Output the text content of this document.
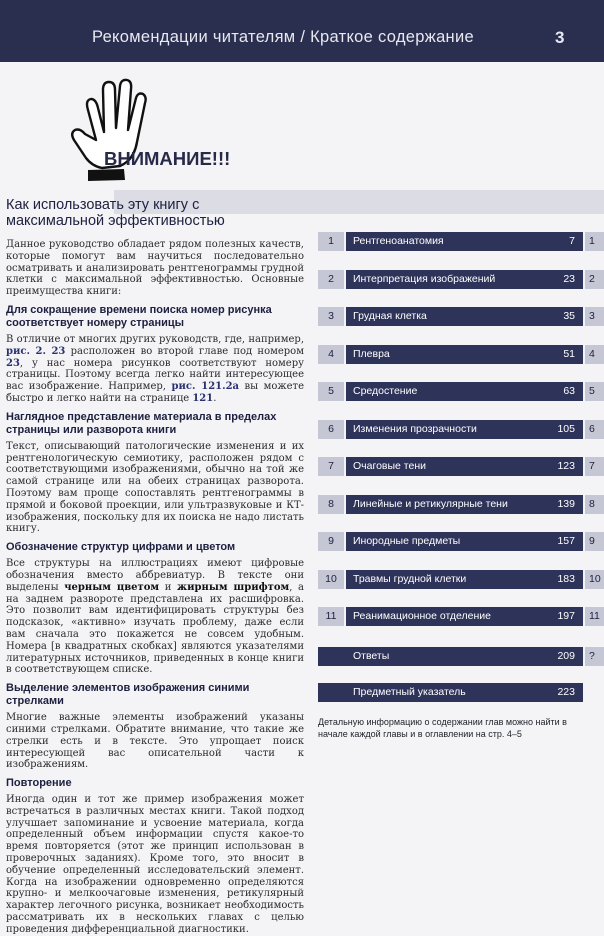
Рекомендации читателям / Краткое содержание	3
ВНИМАНИЕ!!!
Как использовать эту книгу с максимальной эффективностью

Данное руководство обладает рядом полезных качеств, которые помогут вам научиться последовательно осматривать и анализировать рентгенограммы грудной клетки с максимальной эффективностью. Основные преимущества книги:

Для сокращение времени поиска номер рисунка соответствует номеру страницы

В отличие от многих других руководств, где, например, рис. 2. 23 расположен во второй главе под номером 23, у нас номера рисунков соответствуют номеру страницы. Поэтому всегда легко найти интересующее вас изображение. Например, рис. 121.2а вы можете быстро и легко найти на странице 121.

Наглядное представление материала в пределах страницы или разворота книги

Текст, описывающий патологические изменения и их рентгенологическую семиотику, расположен рядом с соответствующими изображениями, обычно на той же самой странице или на обеих страницах разворота. Поэтому вам проще сопоставлять рентгенограммы в прямой и боковой проекции, или ультразвуковые и КТ-изображения, поскольку для их поиска не надо листать книгу.

Обозначение структур цифрами и цветом

Все структуры на иллюстрациях имеют цифровые обозначения вместо аббревиатур. В тексте они выделены черным цветом и жирным шрифтом, а на заднем развороте представлена их расшифровка. Это позволит вам идентифицировать структуры без подсказок, «активно» изучать проблему, даже если вам сначала это покажется не совсем удобным. Номера [в квадратных скобках] являются указателями литературных источников, приведенных в конце книги в соответствующем списке.

Выделение элементов изображения синими стрелками

Многие важные элементы изображений указаны синими стрелками. Обратите внимание, что такие же стрелки есть и в тексте. Это упрощает поиск интересующей вас описательной части к изображениям.

Повторение

Иногда один и тот же пример изображения может встречаться в различных местах книги. Такой подход улучшает запоминание и усвоение материала, когда определенный объем информации спустя какое-то время повторяется (этот же принцип использован в проверочных заданиях). Кроме того, это вносит в обучение определенный исследовательский элемент. Когда на изображении одновременно определяются крупно- и мелкоочаговые изменения, ретикулярный характер легочного рисунка, возникает необходимость рассматривать их в нескольких главах с целью проведения дифференциальной диагностики.

1	Рентгеноанатомия	7	1
2	Интерпретация изображений	23	2
3	Грудная клетка	35	3
4	Плевра	51	4
5	Средостение	63	5
6	Изменения прозрачности	105	6
7	Очаговые тени	123	7
8	Линейные и ретикулярные тени	139	8
9	Инородные предметы	157	9
10	Травмы грудной клетки	183	10
11	Реанимационное отделение	197	11
Ответы	209	?
Предметный указатель	223
Детальную информацию о содержании глав можно найти в начале каждой главы и в оглавлении на стр. 4–5
